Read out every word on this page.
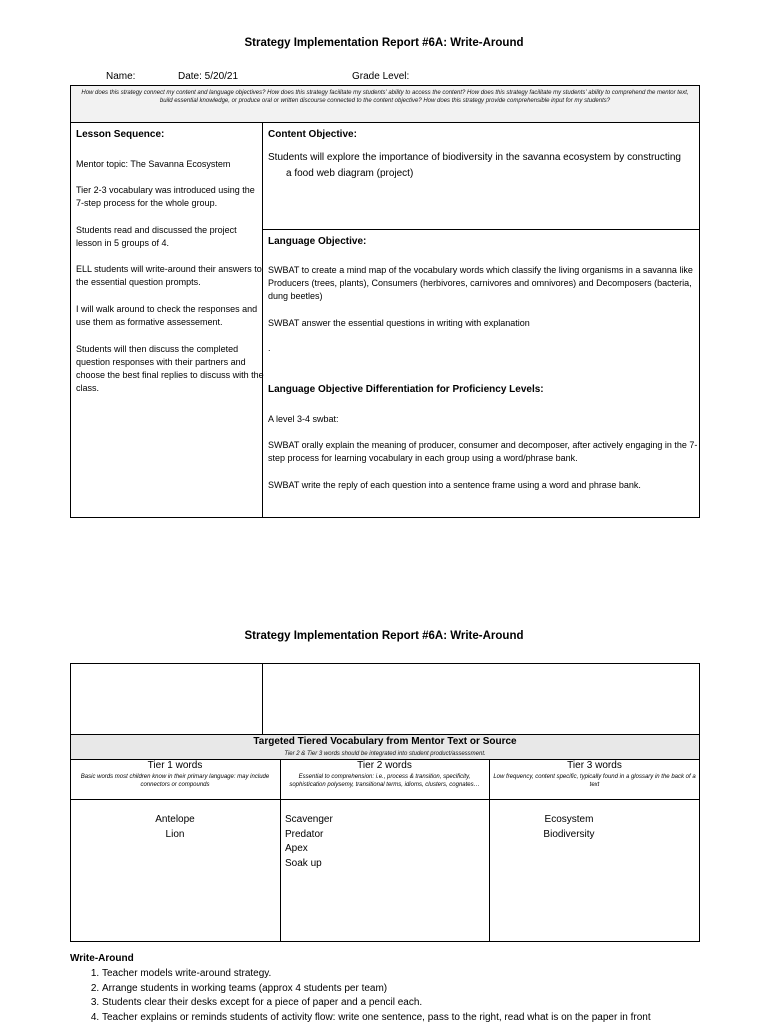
Strategy Implementation Report #6A: Write-Around
Name:	Date: 5/20/21	Grade Level:
How does this strategy connect my content and language objectives? How does this strategy facilitate my students' ability to access the content? How does this strategy facilitate my students' ability to comprehend the mentor text, build essential knowledge, or produce oral or written discourse connected to the content objective? How does this strategy provide comprehensible input for my students?
Lesson Sequence:
Mentor topic: The Savanna Ecosystem
Tier 2-3 vocabulary was introduced using the 7-step process for the whole group.
Students read and discussed the project lesson in 5 groups of 4.
ELL students will write-around their answers to the essential question prompts.
I will walk around to check the responses and use them as formative assessement.
Students will then discuss the completed question responses with their partners and choose the best final replies to discuss with the class.
Content Objective:
Students will explore the importance of biodiversity in the savanna ecosystem by constructing a food web diagram (project)
Language Objective:
SWBAT to create a mind map of the vocabulary words which classify the living organisms in a savanna like Producers (trees, plants), Consumers (herbivores, carnivores and omnivores) and Decomposers (bacteria, dung beetles)
SWBAT answer the essential questions in writing with explanation
.
Language Objective Differentiation for Proficiency Levels:
A level 3-4 swbat:
SWBAT orally explain the meaning of producer, consumer and decomposer, after actively engaging in the 7-step process for learning vocabulary in each group using a word/phrase bank.
SWBAT write the reply of each question into a sentence frame using a word and phrase bank.
Strategy Implementation Report #6A: Write-Around
Targeted Tiered Vocabulary from Mentor Text or Source
Tier 2 & Tier 3 words should be integrated into student product/assessment.
Tier 1 words
Basic words most children know in their primary language: may include connectors or compounds
Tier 2 words
Essential to comprehension: i.e., process & transition, specificity, sophistication polysemy, transitional terms, idioms, clusters, cognates…
Tier 3 words
Low frequency, content specific, typically found in a glossary in the back of a text
Antelope
Lion
Scavenger
Predator
Apex
Soak up
Ecosystem
Biodiversity
Write-Around
1. Teacher models write-around strategy.
2. Arrange students in working teams (approx 4 students per team)
3. Students clear their desks except for a piece of paper and a pencil each.
4. Teacher explains or reminds students of activity flow: write one sentence, pass to the right, read what is on the paper in front
